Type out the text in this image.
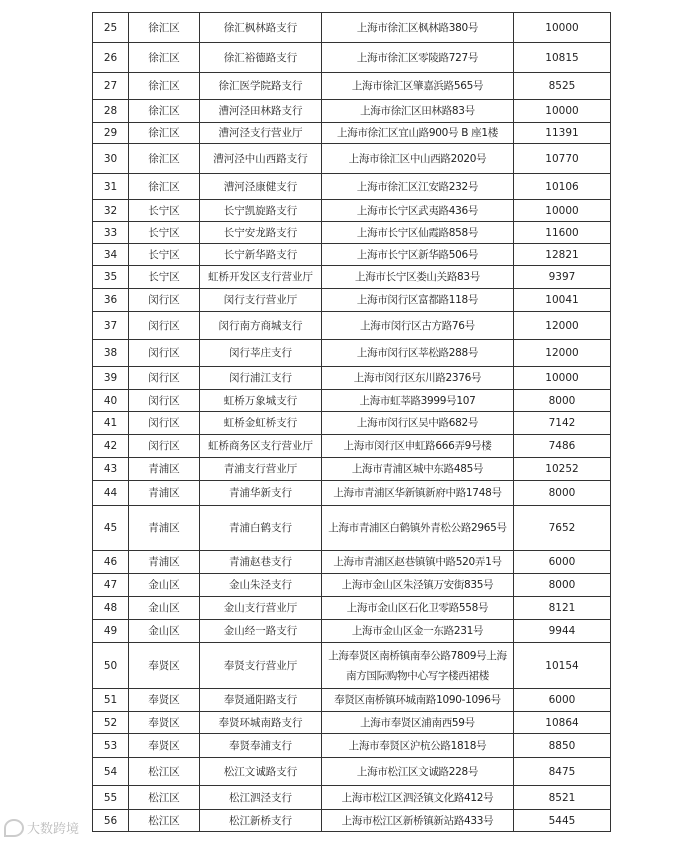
25	徐汇区	徐汇枫林路支行	上海市徐汇区枫林路380号	10000
26	徐汇区	徐汇裕德路支行	上海市徐汇区零陵路727号	10815
27	徐汇区	徐汇医学院路支行	上海市徐汇区肇嘉浜路565号	8525
28	徐汇区	漕河泾田林路支行	上海市徐汇区田林路83号	10000
29	徐汇区	漕河泾支行营业厅	上海市徐汇区宜山路900号 B 座1楼	11391
30	徐汇区	漕河泾中山西路支行	上海市徐汇区中山西路2020号	10770
31	徐汇区	漕河泾康健支行	上海市徐汇区江安路232号	10106
32	长宁区	长宁凯旋路支行	上海市长宁区武夷路436号	10000
33	长宁区	长宁安龙路支行	上海市长宁区仙霞路858号	11600
34	长宁区	长宁新华路支行	上海市长宁区新华路506号	12821
35	长宁区	虹桥开发区支行营业厅	上海市长宁区娄山关路83号	9397
36	闵行区	闵行支行营业厅	上海市闵行区富都路118号	10041
37	闵行区	闵行南方商城支行	上海市闵行区古方路76号	12000
38	闵行区	闵行莘庄支行	上海市闵行区莘松路288号	12000
39	闵行区	闵行浦江支行	上海市闵行区东川路2376号	10000
40	闵行区	虹桥万象城支行	上海市虹莘路3999号107	8000
41	闵行区	虹桥金虹桥支行	上海市闵行区吴中路682号	7142
42	闵行区	虹桥商务区支行营业厅	上海市闵行区申虹路666弄9号楼	7486
43	青浦区	青浦支行营业厅	上海市青浦区城中东路485号	10252
44	青浦区	青浦华新支行	上海市青浦区华新镇新府中路1748号	8000
45	青浦区	青浦白鹤支行	上海市青浦区白鹤镇外青松公路2965号	7652
46	青浦区	青浦赵巷支行	上海市青浦区赵巷镇镇中路520弄1号	6000
47	金山区	金山朱泾支行	上海市金山区朱泾镇万安街835号	8000
48	金山区	金山支行营业厅	上海市金山区石化卫零路558号	8121
49	金山区	金山经一路支行	上海市金山区金一东路231号	9944
50	奉贤区	奉贤支行营业厅	上海奉贤区南桥镇南奉公路7809号上海南方国际购物中心写字楼西裙楼	10154
51	奉贤区	奉贤通阳路支行	奉贤区南桥镇环城南路1090-1096号	6000
52	奉贤区	奉贤环城南路支行	上海市奉贤区浦南西59号	10864
53	奉贤区	奉贤奉浦支行	上海市奉贤区沪杭公路1818号	8850
54	松江区	松江文诚路支行	上海市松江区文诚路228号	8475
55	松江区	松江泗泾支行	上海市松江区泗泾镇文化路412号	8521
56	松江区	松江新桥支行	上海市松江区新桥镇新站路433号	5445
大数跨境
